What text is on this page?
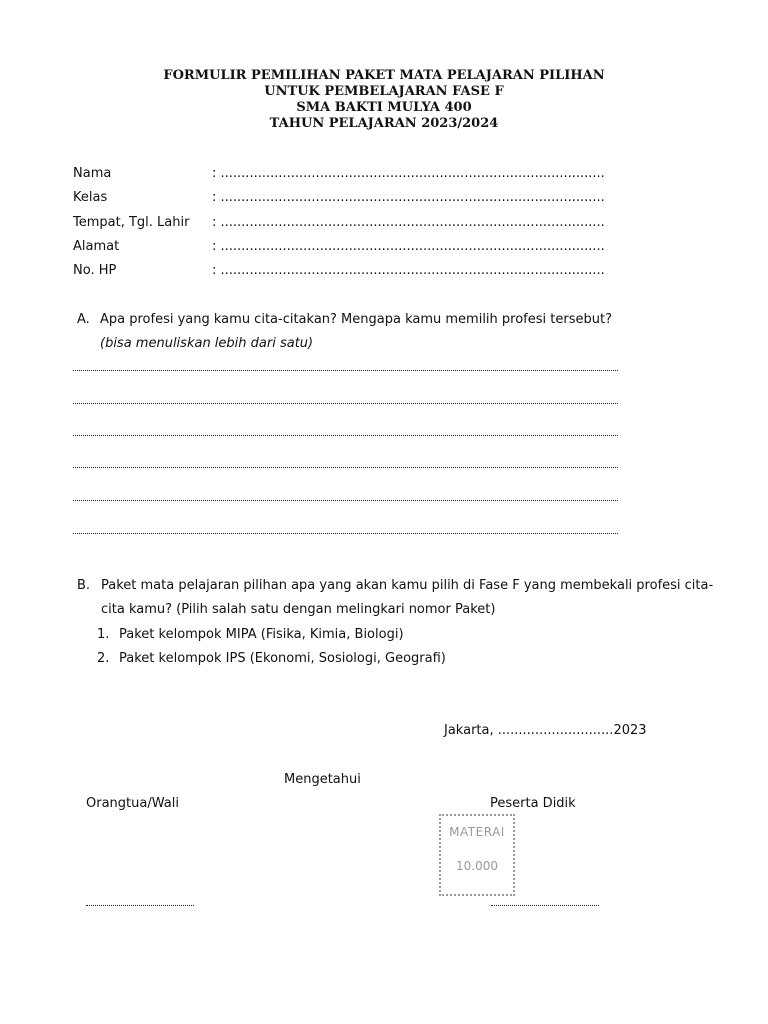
FORMULIR PEMILIHAN PAKET MATA PELAJARAN PILIHAN
UNTUK PEMBELAJARAN FASE F
SMA BAKTI MULYA 400
TAHUN PELAJARAN 2023/2024
Nama	: .............................................................................................
Kelas	: .............................................................................................
Tempat, Tgl. Lahir : .............................................................................................
Alamat	: .............................................................................................
No. HP	: .............................................................................................
A. Apa profesi yang kamu cita-citakan? Mengapa kamu memilih profesi tersebut?
(bisa menuliskan lebih dari satu)
B. Paket mata pelajaran pilihan apa yang akan kamu pilih di Fase F yang membekali profesi cita-
cita kamu? (Pilih salah satu dengan melingkari nomor Paket)
1. Paket kelompok MIPA (Fisika, Kimia, Biologi)
2. Paket kelompok IPS (Ekonomi, Sosiologi, Geografi)
Jakarta, ............................2023
Mengetahui
Orangtua/Wali	Peserta Didik
MATERAI
10.000
